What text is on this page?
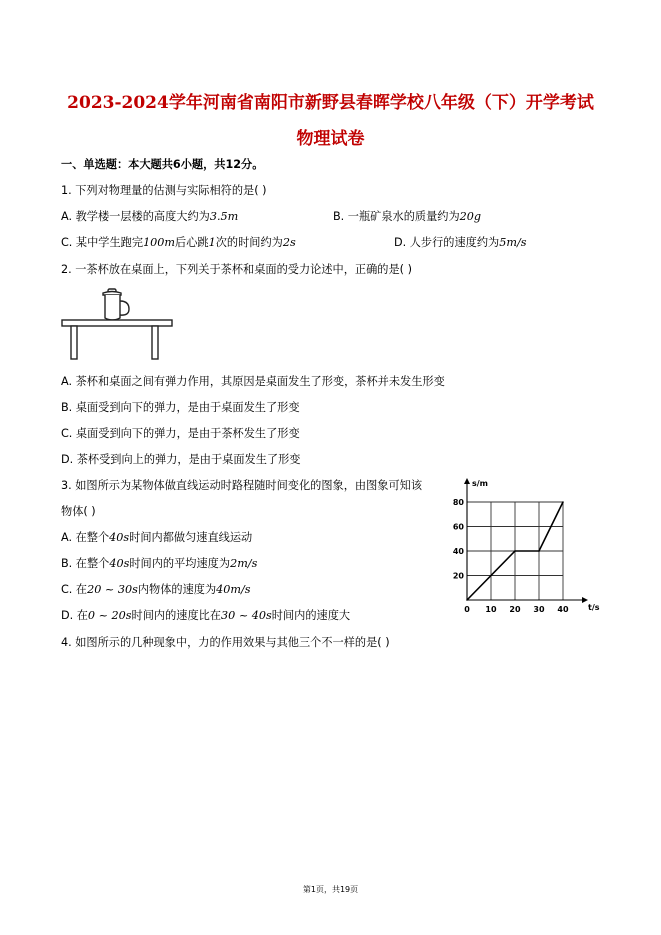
2023-2024学年河南省南阳市新野县春晖学校八年级（下）开学考试
物理试卷
一、单选题：本大题共6小题，共12分。
1. 下列对物理量的估测与实际相符的是( )
A. 教学楼一层楼的高度大约为3.5m	B. 一瓶矿泉水的质量约为20g
C. 某中学生跑完100m后心跳1次的时间约为2s	D. 人步行的速度约为5m/s
2. 一茶杯放在桌面上，下列关于茶杯和桌面的受力论述中，正确的是( )
A. 茶杯和桌面之间有弹力作用，其原因是桌面发生了形变，茶杯并未发生形变
B. 桌面受到向下的弹力，是由于桌面发生了形变
C. 桌面受到向下的弹力，是由于茶杯发生了形变
D. 茶杯受到向上的弹力，是由于桌面发生了形变
3. 如图所示为某物体做直线运动时路程随时间变化的图象，由图象可知该
物体( )
A. 在整个40s时间内都做匀速直线运动
B. 在整个40s时间内的平均速度为2m/s
C. 在20 ~ 30s内物体的速度为40m/s
D. 在0 ~ 20s时间内的速度比在30 ~ 40s时间内的速度大
4. 如图所示的几种现象中，力的作用效果与其他三个不一样的是( )
0 10 20 30 40
20
40
60
80
s/m
t/s
第1页，共19页
